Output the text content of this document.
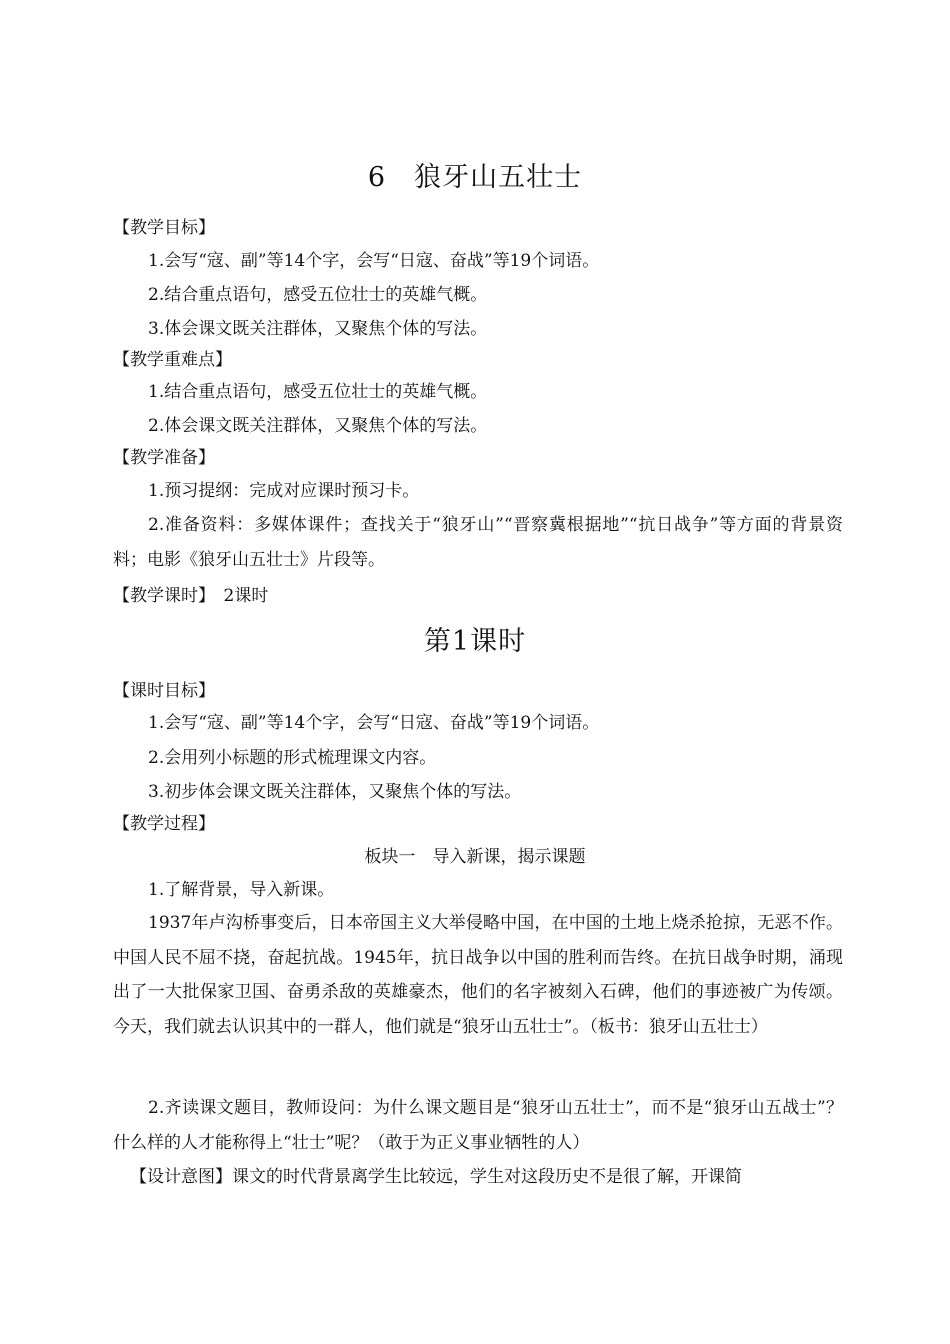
6　狼牙山五壮士
【教学目标】
1.会写“寇、副”等14个字，会写“日寇、奋战”等19个词语。
2.结合重点语句，感受五位壮士的英雄气概。
3.体会课文既关注群体，又聚焦个体的写法。
【教学重难点】
1.结合重点语句，感受五位壮士的英雄气概。
2.体会课文既关注群体，又聚焦个体的写法。
【教学准备】
1.预习提纲：完成对应课时预习卡。
2.准备资料：多媒体课件；查找关于“狼牙山”“晋察冀根据地”“抗日战争”等方面的背景资料；电影《狼牙山五壮士》片段等。
【教学课时】　2课时
第1课时
【课时目标】
1.会写“寇、副”等14个字，会写“日寇、奋战”等19个词语。
2.会用列小标题的形式梳理课文内容。
3.初步体会课文既关注群体，又聚焦个体的写法。
【教学过程】
板块一　导入新课，揭示课题
1.了解背景，导入新课。
1937年卢沟桥事变后，日本帝国主义大举侵略中国，在中国的土地上烧杀抢掠，无恶不作。中国人民不屈不挠，奋起抗战。1945年，抗日战争以中国的胜利而告终。在抗日战争时期，涌现出了一大批保家卫国、奋勇杀敌的英雄豪杰，他们的名字被刻入石碑，他们的事迹被广为传颂。今天，我们就去认识其中的一群人，他们就是“狼牙山五壮士”。（板书：狼牙山五壮士）
2.齐读课文题目，教师设问：为什么课文题目是“狼牙山五壮士”，而不是“狼牙山五战士”？什么样的人才能称得上“壮士”呢？（敢于为正义事业牺牲的人）
【设计意图】课文的时代背景离学生比较远，学生对这段历史不是很了解，开课简
